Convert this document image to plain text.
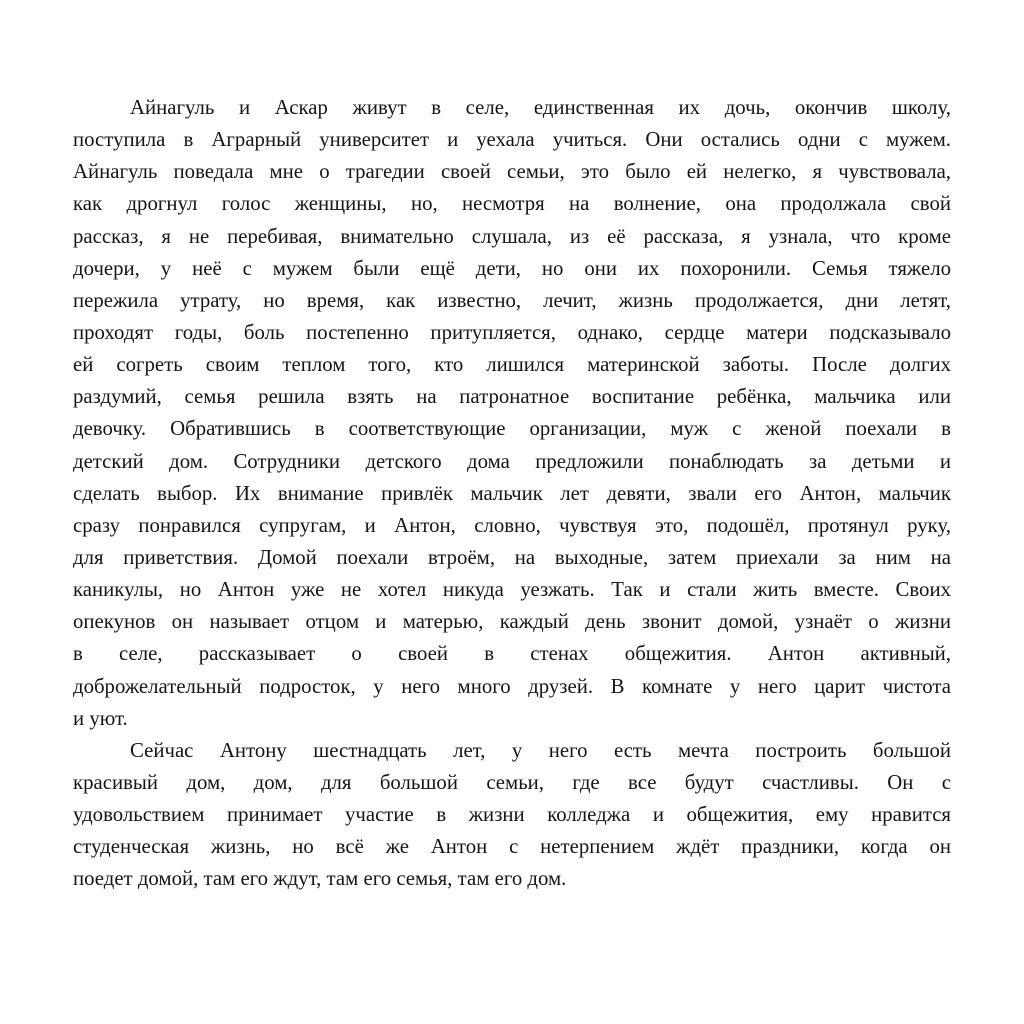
Айнагуль и Аскар живут в селе, единственная их дочь, окончив школу,
поступила в Аграрный университет и уехала учиться. Они остались одни с мужем.
Айнагуль поведала мне о трагедии своей семьи, это было ей нелегко, я чувствовала,
как дрогнул голос женщины, но, несмотря на волнение, она продолжала свой
рассказ, я не перебивая, внимательно слушала, из её рассказа, я узнала, что кроме
дочери, у неё с мужем были ещё дети, но они их похоронили. Семья тяжело
пережила утрату, но время, как известно, лечит, жизнь продолжается, дни летят,
проходят годы, боль постепенно притупляется, однако, сердце матери подсказывало
ей согреть своим теплом того, кто лишился материнской заботы. После долгих
раздумий, семья решила взять на патронатное воспитание ребёнка, мальчика или
девочку. Обратившись в соответствующие организации, муж с женой поехали в
детский дом. Сотрудники детского дома предложили понаблюдать за детьми и
сделать выбор. Их внимание привлёк мальчик лет девяти, звали его Антон, мальчик
сразу понравился супругам, и Антон, словно, чувствуя это, подошёл, протянул руку,
для приветствия. Домой поехали втроём, на выходные, затем приехали за ним на
каникулы, но Антон уже не хотел никуда уезжать. Так и стали жить вместе. Своих
опекунов он называет отцом и матерью, каждый день звонит домой, узнаёт о жизни
в селе, рассказывает о своей в стенах общежития. Антон активный,
доброжелательный подросток, у него много друзей. В комнате у него царит чистота
и уют.
Сейчас Антону шестнадцать лет, у него есть мечта построить большой
красивый дом, дом, для большой семьи, где все будут счастливы. Он с
удовольствием принимает участие в жизни колледжа и общежития, ему нравится
студенческая жизнь, но всё же Антон с нетерпением ждёт праздники, когда он
поедет домой, там его ждут, там его семья, там его дом.
